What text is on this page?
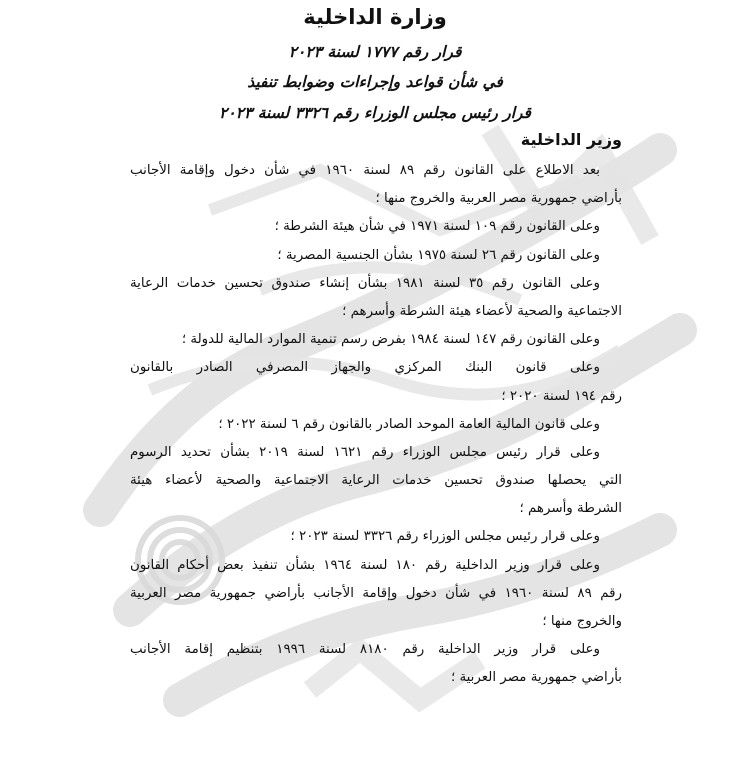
وزارة الداخلية
قرار رقم ١٧٧٧ لسنة ٢٠٢٣
في شأن قواعد وإجراءات وضوابط تنفيذ
قرار رئيس مجلس الوزراء رقم ٣٣٢٦ لسنة ٢٠٢٣
وزير الداخلية
بعد الاطلاع على القانون رقم ٨٩ لسنة ١٩٦٠ في شأن دخول وإقامة الأجانب
بأراضي جمهورية مصر العربية والخروج منها ؛
وعلى القانون رقم ١٠٩ لسنة ١٩٧١ في شأن هيئة الشرطة ؛
وعلى القانون رقم ٢٦ لسنة ١٩٧٥ بشأن الجنسية المصرية ؛
وعلى القانون رقم ٣٥ لسنة ١٩٨١ بشأن إنشاء صندوق تحسين خدمات الرعاية
الاجتماعية والصحية لأعضاء هيئة الشرطة وأسرهم ؛
وعلى القانون رقم ١٤٧ لسنة ١٩٨٤ بفرض رسم تنمية الموارد المالية للدولة ؛
وعلى قانون البنك المركزي والجهاز المصرفي الصادر بالقانون
رقم ١٩٤ لسنة ٢٠٢٠ ؛
وعلى قانون المالية العامة الموحد الصادر بالقانون رقم ٦ لسنة ٢٠٢٢ ؛
وعلى قرار رئيس مجلس الوزراء رقم ١٦٢١ لسنة ٢٠١٩ بشأن تحديد الرسوم
التي يحصلها صندوق تحسين خدمات الرعاية الاجتماعية والصحية لأعضاء هيئة
الشرطة وأسرهم ؛
وعلى قرار رئيس مجلس الوزراء رقم ٣٣٢٦ لسنة ٢٠٢٣ ؛
وعلى قرار وزير الداخلية رقم ١٨٠ لسنة ١٩٦٤ بشأن تنفيذ بعض أحكام القانون
رقم ٨٩ لسنة ١٩٦٠ في شأن دخول وإقامة الأجانب بأراضي جمهورية مصر العربية
والخروج منها ؛
وعلى قرار وزير الداخلية رقم ٨١٨٠ لسنة ١٩٩٦ بتنظيم إقامة الأجانب
بأراضي جمهورية مصر العربية ؛
